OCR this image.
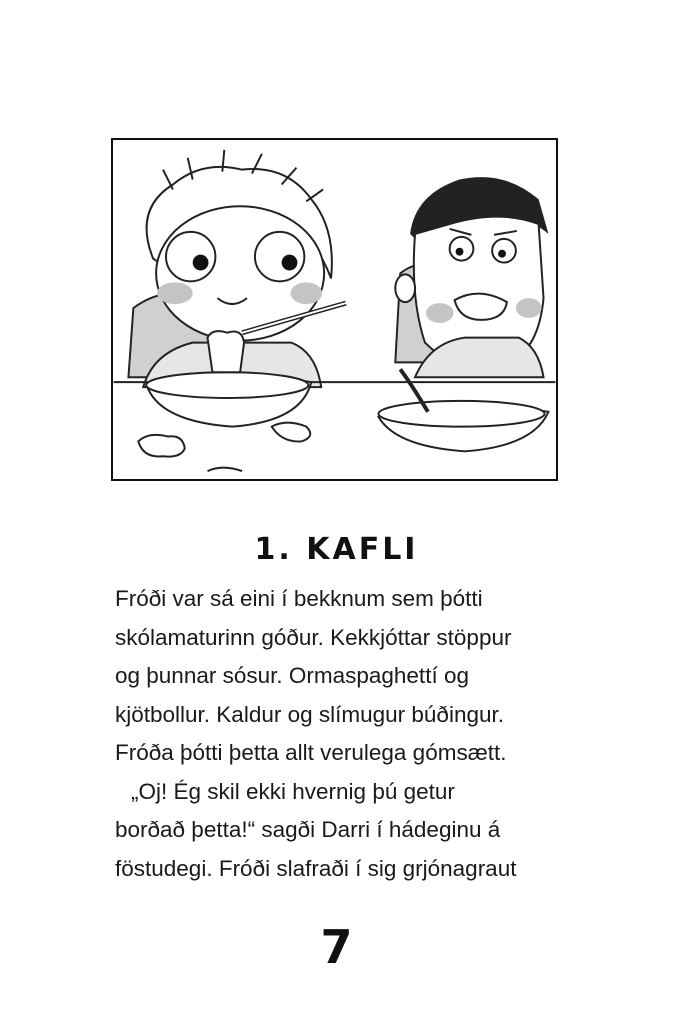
1. KAFLI
Fróði var sá eini í bekknum sem þótti
skólamaturinn góður. Kekkjóttar stöppur
og þunnar sósur. Ormaspaghettí og
kjötbollur. Kaldur og slímugur búðingur.
Fróða þótti þetta allt verulega gómsætt.
„Oj! Ég skil ekki hvernig þú getur
borðað þetta!“ sagði Darri í hádeginu á
föstudegi. Fróði slafraði í sig grjónagraut
7
